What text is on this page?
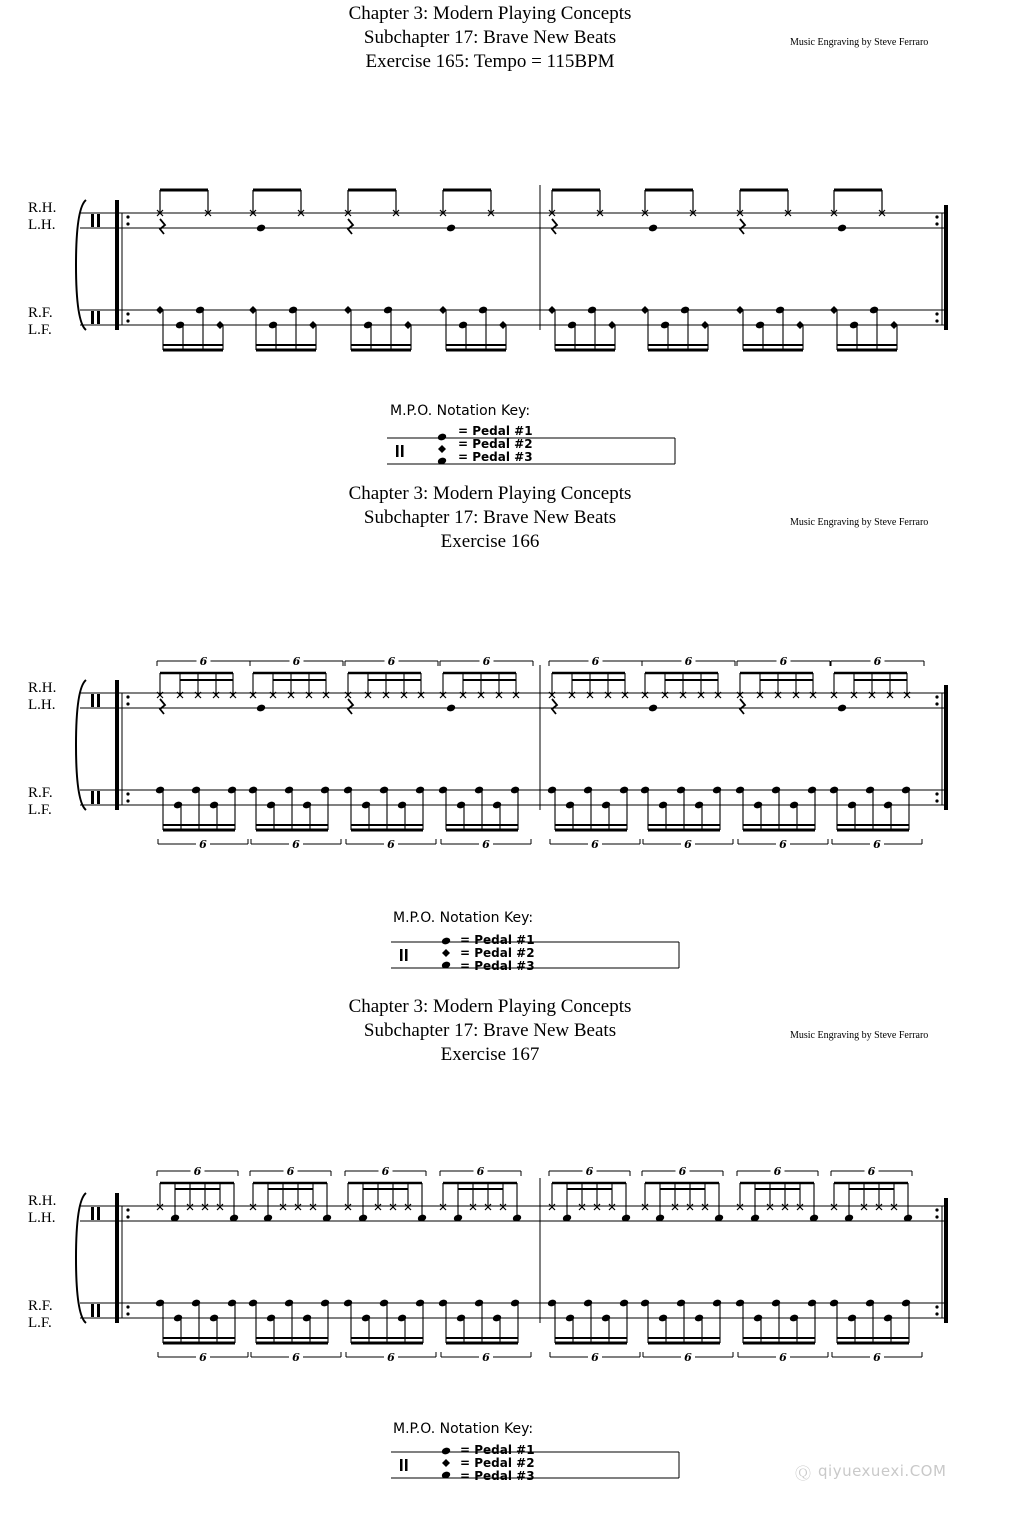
Chapter 3: Modern Playing Concepts
Subchapter 17: Brave New Beats
Exercise 165: Tempo = 115BPM
Music Engraving by Steve Ferraro
R.H.
L.H.
R.F.
L.F.
M.P.O. Notation Key:
= Pedal #1
= Pedal #2
= Pedal #3
Chapter 3: Modern Playing Concepts
Subchapter 17: Brave New Beats
Exercise 166
Music Engraving by Steve Ferraro
R.H.
L.H.
R.F.
L.F.
6
6
6
6
6
6
6
6
6
6
6
6
6
6
6
6
M.P.O. Notation Key:
= Pedal #1
= Pedal #2
= Pedal #3
Chapter 3: Modern Playing Concepts
Subchapter 17: Brave New Beats
Exercise 167
Music Engraving by Steve Ferraro
R.H.
L.H.
R.F.
L.F.
6
6
6
6
6
6
6
6
6
6
6
6
6
6
6
6
M.P.O. Notation Key:
= Pedal #1
= Pedal #2
= Pedal #3	Ⓠ qiyuexuexi.COM
